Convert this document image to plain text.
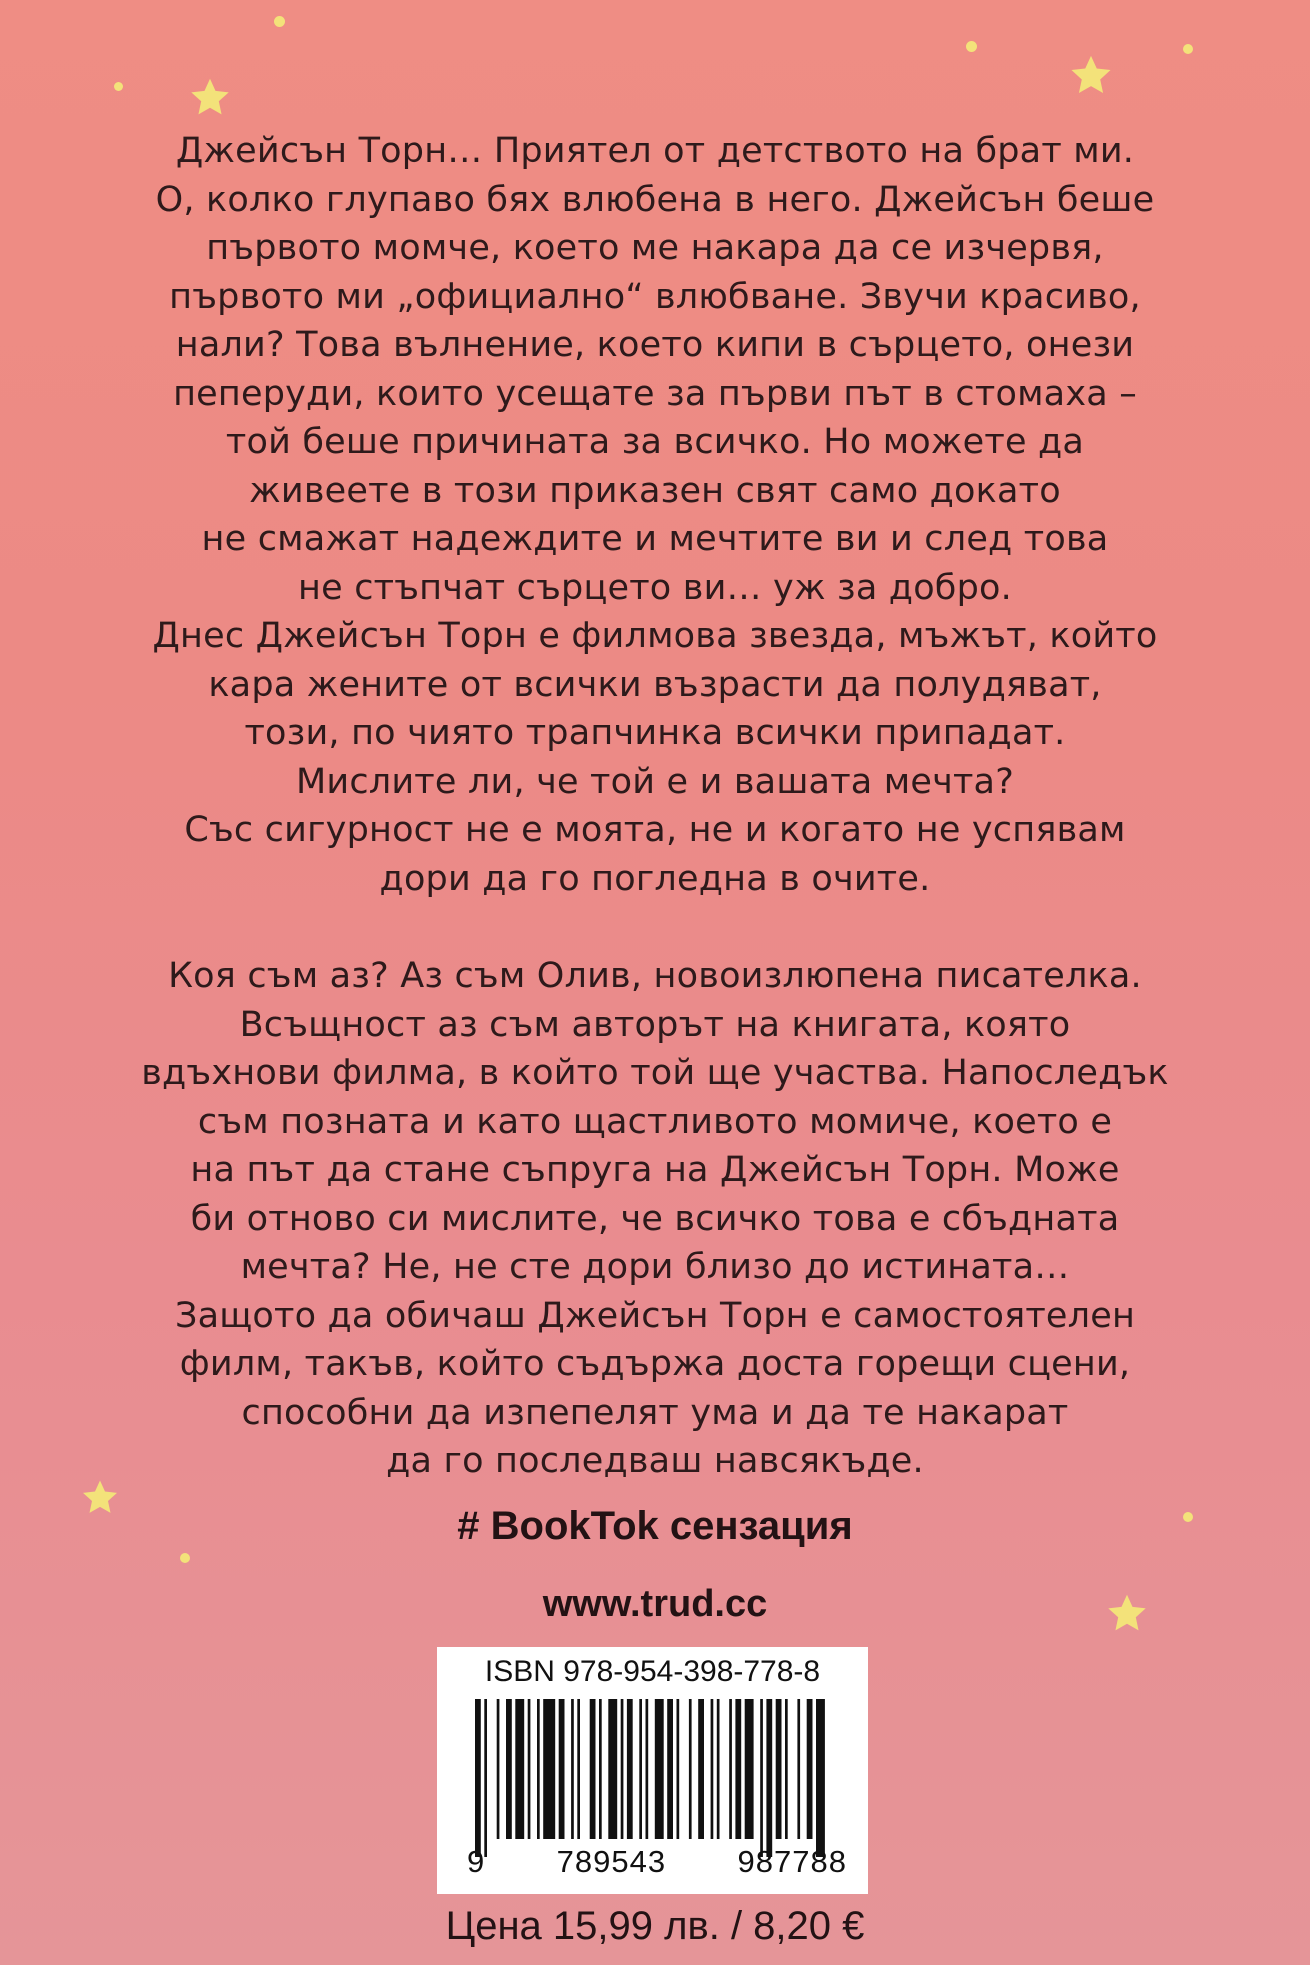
Джейсън Торн… Приятел от детството на брат ми.
О, колко глупаво бях влюбена в него. Джейсън беше
първото момче, което ме накара да се изчервя,
първото ми „официално“ влюбване. Звучи красиво,
нали? Това вълнение, което кипи в сърцето, онези
пеперуди, които усещате за първи път в стомаха –
той беше причината за всичко. Но можете да
живеете в този приказен свят само докато
не смажат надеждите и мечтите ви и след това
не стъпчат сърцето ви… уж за добро.
Днес Джейсън Торн е филмова звезда, мъжът, който
кара жените от всички възрасти да полудяват,
този, по чиято трапчинка всички припадат.
Мислите ли, че той е и вашата мечта?
Със сигурност не е моята, не и когато не успявам
дори да го погледна в очите.
Коя съм аз? Аз съм Олив, новоизлюпена писателка.
Всъщност аз съм авторът на книгата, която
вдъхнови филма, в който той ще участва. Напоследък
съм позната и като щастливото момиче, което е
на път да стане съпруга на Джейсън Торн. Може
би отново си мислите, че всичко това е сбъдната
мечта? Не, не сте дори близо до истината…
Защото да обичаш Джейсън Торн е самостоятелен
филм, такъв, който съдържа доста горещи сцени,
способни да изпепелят ума и да те накарат
да го последваш навсякъде.
# BookTok сензация
www.trud.cc
ISBN 978-954-398-778-8
9 789543 987788
Цена 15,99 лв. / 8,20 €
